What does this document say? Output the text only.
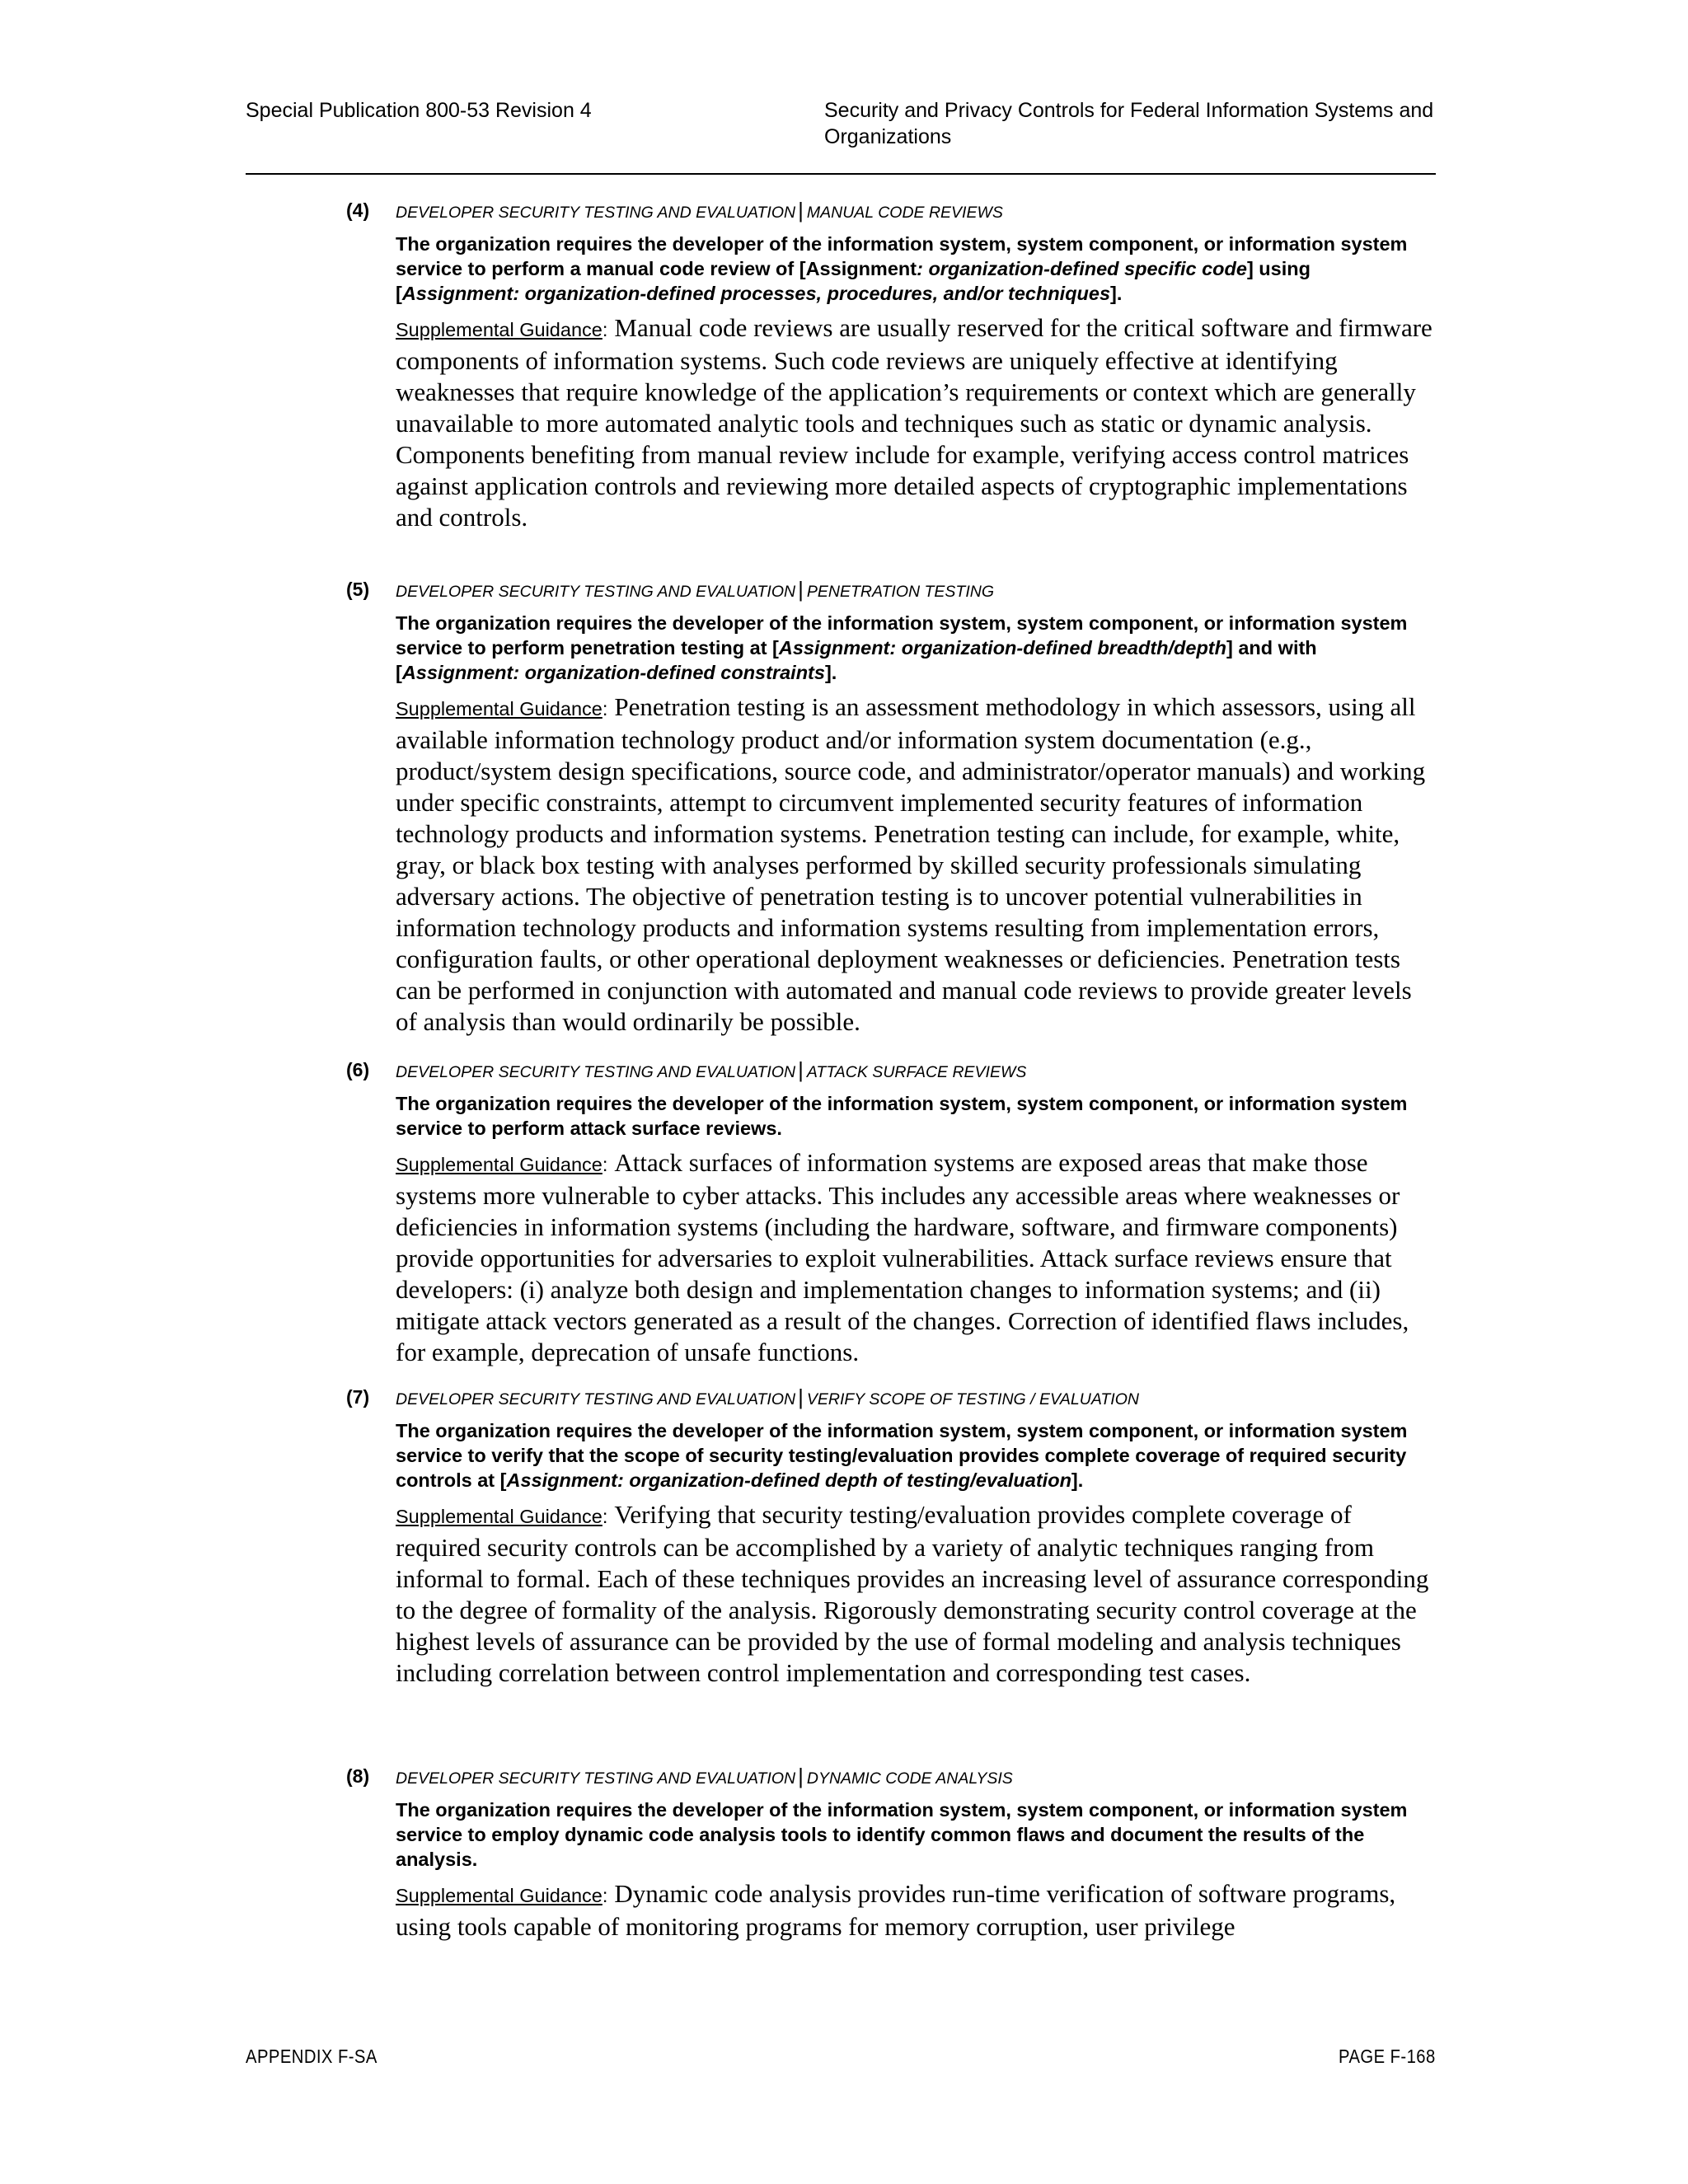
Special Publication 800-53 Revision 4	Security and Privacy Controls for Federal Information Systems and Organizations
(4) DEVELOPER SECURITY TESTING AND EVALUATION | MANUAL CODE REVIEWS
The organization requires the developer of the information system, system component, or information system service to perform a manual code review of [Assignment: organization-defined specific code] using [Assignment: organization-defined processes, procedures, and/or techniques].
Supplemental Guidance: Manual code reviews are usually reserved for the critical software and firmware components of information systems. Such code reviews are uniquely effective at identifying weaknesses that require knowledge of the application’s requirements or context which are generally unavailable to more automated analytic tools and techniques such as static or dynamic analysis. Components benefiting from manual review include for example, verifying access control matrices against application controls and reviewing more detailed aspects of cryptographic implementations and controls.
(5) DEVELOPER SECURITY TESTING AND EVALUATION | PENETRATION TESTING
The organization requires the developer of the information system, system component, or information system service to perform penetration testing at [Assignment: organization-defined breadth/depth] and with [Assignment: organization-defined constraints].
Supplemental Guidance: Penetration testing is an assessment methodology in which assessors, using all available information technology product and/or information system documentation (e.g., product/system design specifications, source code, and administrator/operator manuals) and working under specific constraints, attempt to circumvent implemented security features of information technology products and information systems. Penetration testing can include, for example, white, gray, or black box testing with analyses performed by skilled security professionals simulating adversary actions. The objective of penetration testing is to uncover potential vulnerabilities in information technology products and information systems resulting from implementation errors, configuration faults, or other operational deployment weaknesses or deficiencies. Penetration tests can be performed in conjunction with automated and manual code reviews to provide greater levels of analysis than would ordinarily be possible.
(6) DEVELOPER SECURITY TESTING AND EVALUATION | ATTACK SURFACE REVIEWS
The organization requires the developer of the information system, system component, or information system service to perform attack surface reviews.
Supplemental Guidance: Attack surfaces of information systems are exposed areas that make those systems more vulnerable to cyber attacks. This includes any accessible areas where weaknesses or deficiencies in information systems (including the hardware, software, and firmware components) provide opportunities for adversaries to exploit vulnerabilities. Attack surface reviews ensure that developers: (i) analyze both design and implementation changes to information systems; and (ii) mitigate attack vectors generated as a result of the changes. Correction of identified flaws includes, for example, deprecation of unsafe functions.
(7) DEVELOPER SECURITY TESTING AND EVALUATION | VERIFY SCOPE OF TESTING / EVALUATION
The organization requires the developer of the information system, system component, or information system service to verify that the scope of security testing/evaluation provides complete coverage of required security controls at [Assignment: organization-defined depth of testing/evaluation].
Supplemental Guidance: Verifying that security testing/evaluation provides complete coverage of required security controls can be accomplished by a variety of analytic techniques ranging from informal to formal. Each of these techniques provides an increasing level of assurance corresponding to the degree of formality of the analysis. Rigorously demonstrating security control coverage at the highest levels of assurance can be provided by the use of formal modeling and analysis techniques including correlation between control implementation and corresponding test cases.
(8) DEVELOPER SECURITY TESTING AND EVALUATION | DYNAMIC CODE ANALYSIS
The organization requires the developer of the information system, system component, or information system service to employ dynamic code analysis tools to identify common flaws and document the results of the analysis.
Supplemental Guidance: Dynamic code analysis provides run-time verification of software programs, using tools capable of monitoring programs for memory corruption, user privilege
APPENDIX F-SA	PAGE F-168
